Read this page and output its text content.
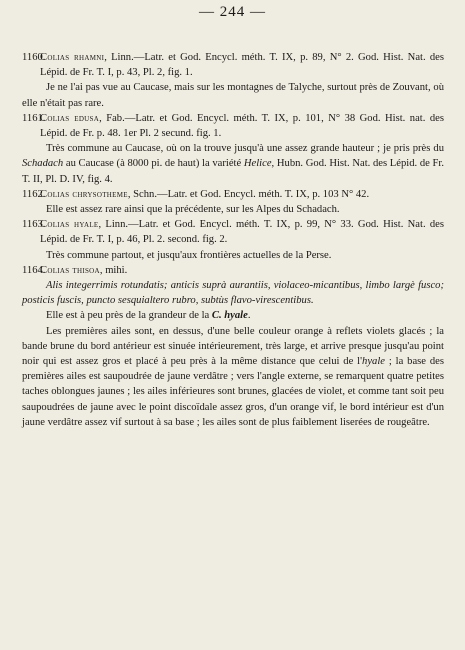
— 244 —

1160.Colias rhamni, Linn.—Latr. et God. Encycl. méth. T. IX, p. 89, N° 2. God. Hist. Nat. des Lépid. de Fr. T. I, p. 43, Pl. 2, fig. 1.

Je ne l'ai pas vue au Caucase, mais sur les montagnes de Talyche, surtout près de Zouvant, où elle n'était pas rare.

1161.Colias edusa, Fab.—Latr. et God. Encycl. méth. T. IX, p. 101, N° 38 God. Hist. nat. des Lépid. de Fr. p. 48. 1er Pl. 2 secund. fig. 1.

Très commune au Caucase, où on la trouve jusqu'à une assez grande hauteur ; je pris près du Schadach au Caucase (à 8000 pi. de haut) la variété Helice, Hubn. God. Hist. Nat. des Lépid. de Fr. T. II, Pl. D. IV, fig. 4.

1162.Colias chrysotheme, Schn.—Latr. et God. Encycl. méth. T. IX, p. 103 N° 42.

Elle est assez rare ainsi que la précédente, sur les Alpes du Schadach.

1163.Colias hyale, Linn.—Latr. et God. Encycl. méth. T. IX, p. 99, N° 33. God. Hist. Nat. des Lépid. de Fr. T. I, p. 46, Pl. 2. second. fig. 2.

Très commune partout, et jusqu'aux frontières actuelles de la Perse.

1164.Colias thisoa, mihi.

Alis integerrimis rotundatis; anticis suprà aurantiis, violaceo-micantibus, limbo largè fusco; posticis fuscis, puncto sesquialtero rubro, subtùs flavo-virescentibus.

Elle est à peu près de la grandeur de la C. hyale.

Les premières ailes sont, en dessus, d'une belle couleur orange à reflets violets glacés ; la bande brune du bord antérieur est sinuée intérieurement, très large, et arrive presque jusqu'au point noir qui est assez gros et placé à peu près à la même distance que celui de l'hyale ; la base des premières ailes est saupoudrée de jaune verdâtre ; vers l'angle externe, se remarquent quatre petites taches oblongues jaunes ; les ailes inférieures sont brunes, glacées de violet, et comme tant soit peu saupoudrées de jaune avec le point discoïdale assez gros, d'un orange vif, le bord intérieur est d'un jaune verdâtre assez vif surtout à sa base ; les ailes sont de plus faiblement liserées de rougeâtre.
